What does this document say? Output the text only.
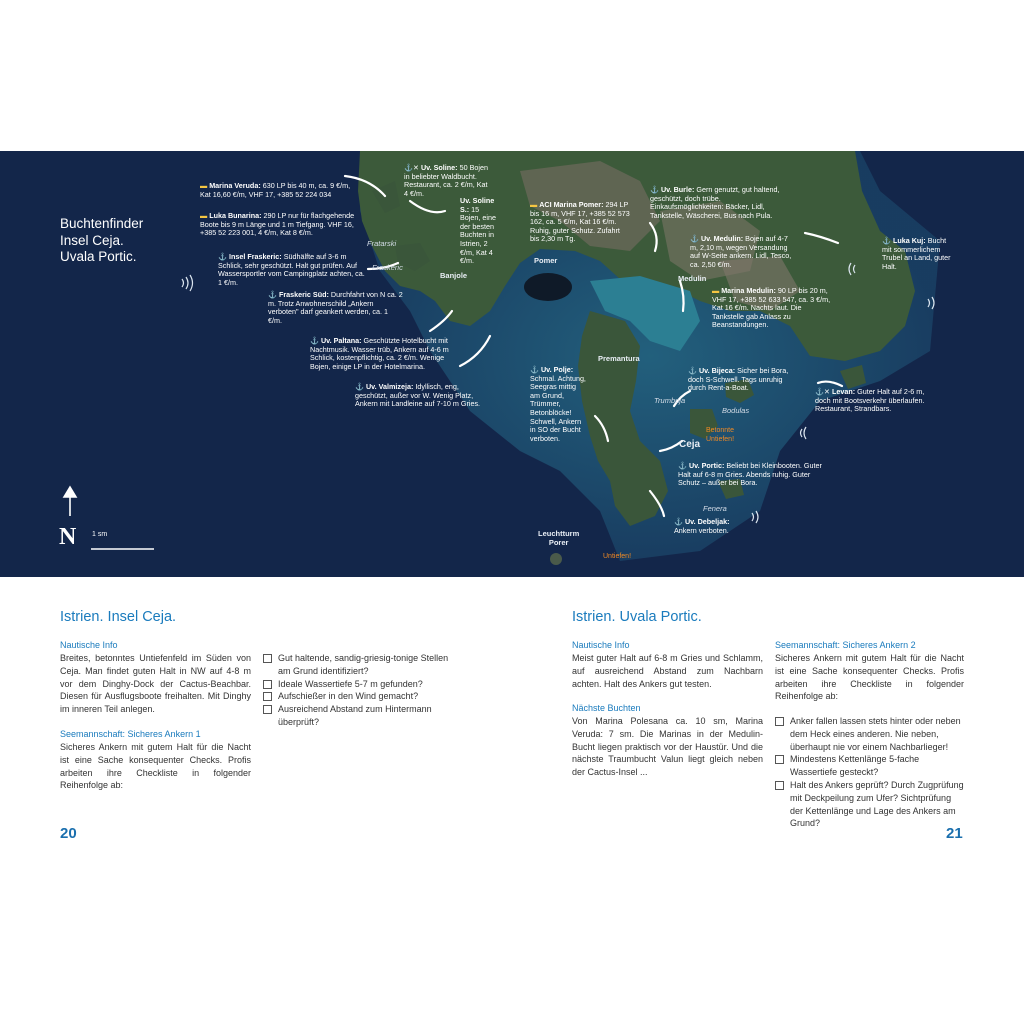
Buchtenfinder
Insel Ceja.
Uvala Portic.
N 1 sm
Fratarski
Fraskeric
Banjole
Pomer
Medulin
Premantura
Trumbuja
Bodulas
Ceja
Fenera
Leuchtturm
Porer
Betonnte
Untiefen!
Untiefen!
▬ Marina Veruda: 630 LP bis 40 m, ca. 9 €/m, Kat 16,60 €/m, VHF 17, +385 52 224 034
▬ Luka Bunarina: 290 LP nur für flachgehende Boote bis 9 m Länge und 1 m Tiefgang. VHF 16, +385 52 223 001, 4 €/m, Kat 8 €/m.
⚓ Insel Fraskeric: Südhälfte auf 3-6 m Schlick, sehr geschützt. Halt gut prüfen. Auf Wassersportler vom Campingplatz achten, ca. 1 €/m.
⚓ Fraskeric Süd: Durchfahrt von N ca. 2 m. Trotz Anwohnerschild „Ankern verboten" darf geankert werden, ca. 1 €/m.
⚓ Uv. Paltana: Geschützte Hotelbucht mit Nachtmusik. Wasser trüb, Ankern auf 4-6 m Schlick, kostenpflichtig, ca. 2 €/m. Wenige Bojen, einige LP in der Hotelmarina.
⚓ Uv. Valmizeja: Idyllisch, eng, geschützt, außer vor W. Wenig Platz, Ankern mit Landleine auf 7-10 m Gries.
⚓✕ Uv. Soline: 50 Bojen in beliebter Waldbucht. Restaurant, ca. 2 €/m, Kat 4 €/m.
Uv. Soline S.: 15 Bojen, eine der besten Buchten in Istrien, 2 €/m, Kat 4 €/m.
▬ ACI Marina Pomer: 294 LP bis 16 m, VHF 17, +385 52 573 162, ca. 5 €/m, Kat 16 €/m. Ruhig, guter Schutz. Zufahrt bis 2,30 m Tg.
⚓ Uv. Burle: Gern genutzt, gut haltend, geschützt, doch trübe. Einkaufsmöglichkeiten: Bäcker, Lidl, Tankstelle, Wäscherei, Bus nach Pula.
⚓ Uv. Medulin: Bojen auf 4-7 m, 2,10 m, wegen Versandung auf W-Seite ankern. Lidl, Tesco, ca. 2,50 €/m.
▬ Marina Medulin: 90 LP bis 20 m, VHF 17, +385 52 633 547, ca. 3 €/m, Kat 16 €/m. Nachts laut. Die Tankstelle gab Anlass zu Beanstandungen.
⚓ Luka Kuj: Bucht mit sommerlichem Trubel an Land, guter Halt.
⚓ Uv. Bijeca: Sicher bei Bora, doch S-Schwell. Tags unruhig durch Rent-a-Boat.	⚓✕ Levan: Guter Halt auf 2-6 m, doch mit Bootsverkehr überlaufen. Restaurant, Strandbars.
⚓ Uv. Polje: Schmal. Achtung, Seegras mittig am Grund, Trümmer, Betonblöcke! Schwell, Ankern in SO der Bucht verboten.
⚓ Uv. Portic: Beliebt bei Kleinbooten. Guter Halt auf 6-8 m Gries. Abends ruhig. Guter Schutz – außer bei Bora.
⚓ Uv. Debeljak: Ankern verboten.
Istrien. Insel Ceja.
Nautische Info
Breites, betonntes Untiefenfeld im Süden von Ceja. Man findet guten Halt in NW auf 4-8 m vor dem Dinghy-Dock der Cactus-Beachbar. Diesen für Ausflugsboote freihalten. Mit Dinghy im inneren Teil anlegen.
Seemannschaft: Sicheres Ankern 1
Sicheres Ankern mit gutem Halt für die Nacht ist eine Sache konsequenter Checks. Profis arbeiten ihre Checkliste in folgender Reihenfolge ab:
Gut haltende, sandig-griesig-tonige Stellen am Grund identifiziert?
Ideale Wassertiefe 5-7 m gefunden?
Aufschießer in den Wind gemacht?
Ausreichend Abstand zum Hintermann überprüft?
20
Istrien. Uvala Portic.
Nautische Info
Meist guter Halt auf 6-8 m Gries und Schlamm, auf ausreichend Abstand zum Nachbarn achten. Halt des Ankers gut testen.
Nächste Buchten
Von Marina Polesana ca. 10 sm, Marina Veruda: 7 sm. Die Marinas in der Medulin-Bucht liegen praktisch vor der Haustür. Und die nächste Traumbucht Valun liegt gleich neben der Cactus-Insel ...
Seemannschaft: Sicheres Ankern 2
Sicheres Ankern mit gutem Halt für die Nacht ist eine Sache konsequenter Checks. Profis arbeiten ihre Checkliste in folgender Reihenfolge ab:
Anker fallen lassen stets hinter oder neben dem Heck eines anderen. Nie neben, überhaupt nie vor einem Nachbarlieger!
Mindestens Kettenlänge 5-fache Wassertiefe gesteckt?
Halt des Ankers geprüft? Durch Zugprüfung mit Deckpeilung zum Ufer? Sichtprüfung der Kettenlänge und Lage des Ankers am Grund?
21
